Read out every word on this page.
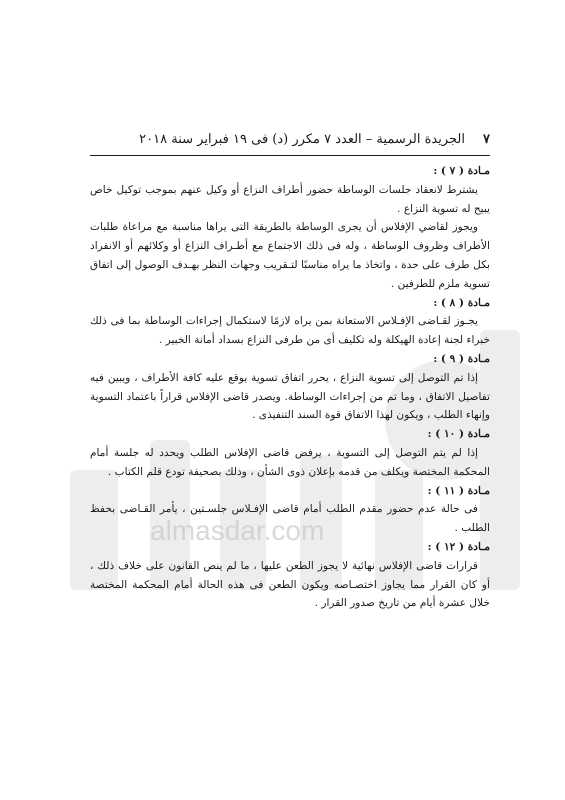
almasdar.com
٧
الجريدة الرسمية – العدد ٧ مكرر (د) فى ١٩ فبراير سنة ٢٠١٨
مـادة ( ٧ ) :

يشترط لانعقاد جلسات الوساطة حضور أطراف النزاع أو وكيل عنهم بموجب توكيل خاص يبيح له تسوية النزاع .

ويجوز لقاضي الإفلاس أن يجرى الوساطة بالطريقة التى يراها مناسبة مع مراعاة طلبات الأطراف وظروف الوساطة ، وله فى ذلك الاجتماع مع أطـراف النزاع أو وكلائهم أو الانفراد بكل طرف على حدة ، واتخاذ ما يراه مناسبًا لتـقريب وجهات النظر بهـدف الوصول إلى اتفاق تسوية ملزم للطرفين .

مـادة ( ٨ ) :

يجـوز لقـاضى الإفـلاس الاستعانة بمن يراه لازمًا لاستكمال إجراءات الوساطة بما فى ذلك خبراء لجنة إعادة الهيكلة وله تكليف أى من طرفى النزاع بسداد أمانة الخبير .

مـادة ( ٩ ) :

إذا تم التوصل إلى تسوية النزاع ، يحرر اتفاق تسوية يوقع عليه كافة الأطراف ، ويبين فيه تفاصيل الاتفاق ، وما تم من إجراءات الوساطة. ويصدر قاضى الإفلاس قراراً باعتماد التسوية وإنهاء الطلب ، ويكون لهذا الاتفاق قوة السند التنفيذى .

مـادة ( ١٠ ) :

إذا لم يتم التوصل إلى التسوية ، يرفض قاضى الإفلاس الطلب ويحدد له جلسة أمام المحكمة المختصة ويكلف من قدمه بإعلان ذوى الشأن ، وذلك بصحيفة تودع قلم الكتاب .

مـادة ( ١١ ) :

فى حالة عدم حضور مقدم الطلب أمام قاضى الإفـلاس جلسـتين ، يأمر القـاضى بحفظ الطلب .

مـادة ( ١٢ ) :

قرارات قاضى الإفلاس نهائية لا يجوز الطعن عليها ، ما لم ينص القانون على خلاف ذلك ، أو كان القرار مما يجاوز اختصـاصه ويكون الطعن فى هذه الحالة أمام المحكمة المختصة خلال عشرة أيام من تاريخ صدور القرار .
